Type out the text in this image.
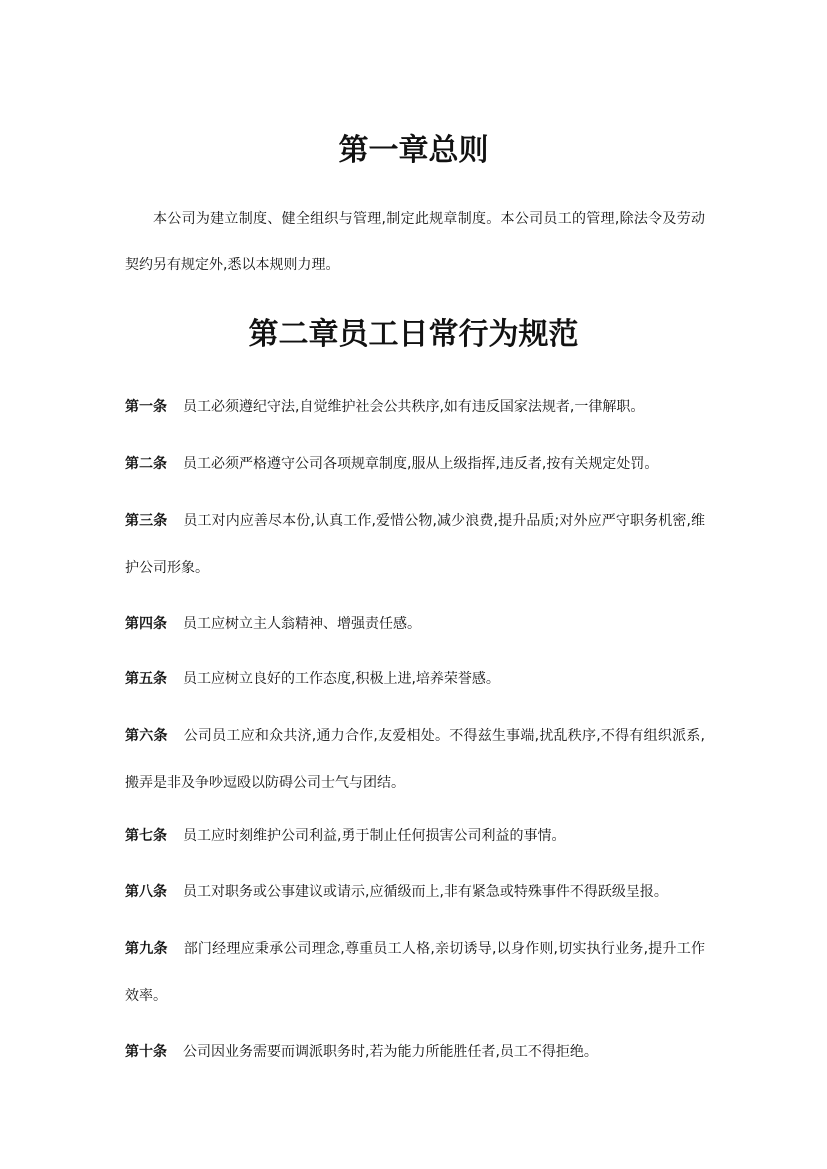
第一章总则

本公司为建立制度、健全组织与管理,制定此规章制度。本公司员工的管理,除法令及劳动契约另有规定外,悉以本规则力理。

第二章员工日常行为规范

第一条 员工必须遵纪守法,自觉维护社会公共秩序,如有违反国家法规者,一律解职。

第二条 员工必须严格遵守公司各项规章制度,服从上级指挥,违反者,按有关规定处罚。

第三条 员工对内应善尽本份,认真工作,爱惜公物,减少浪费,提升品质;对外应严守职务机密,维护公司形象。

第四条 员工应树立主人翁精神、增强责任感。

第五条 员工应树立良好的工作态度,积极上进,培养荣誉感。

第六条 公司员工应和众共济,通力合作,友爱相处。不得兹生事端,扰乱秩序,不得有组织派系,搬弄是非及争吵逗殴以防碍公司士气与团结。

第七条 员工应时刻维护公司利益,勇于制止任何损害公司利益的事情。

第八条 员工对职务或公事建议或请示,应循级而上,非有紧急或特殊事件不得跃级呈报。

第九条 部门经理应秉承公司理念,尊重员工人格,亲切诱导,以身作则,切实执行业务,提升工作效率。

第十条 公司因业务需要而调派职务时,若为能力所能胜任者,员工不得拒绝。
